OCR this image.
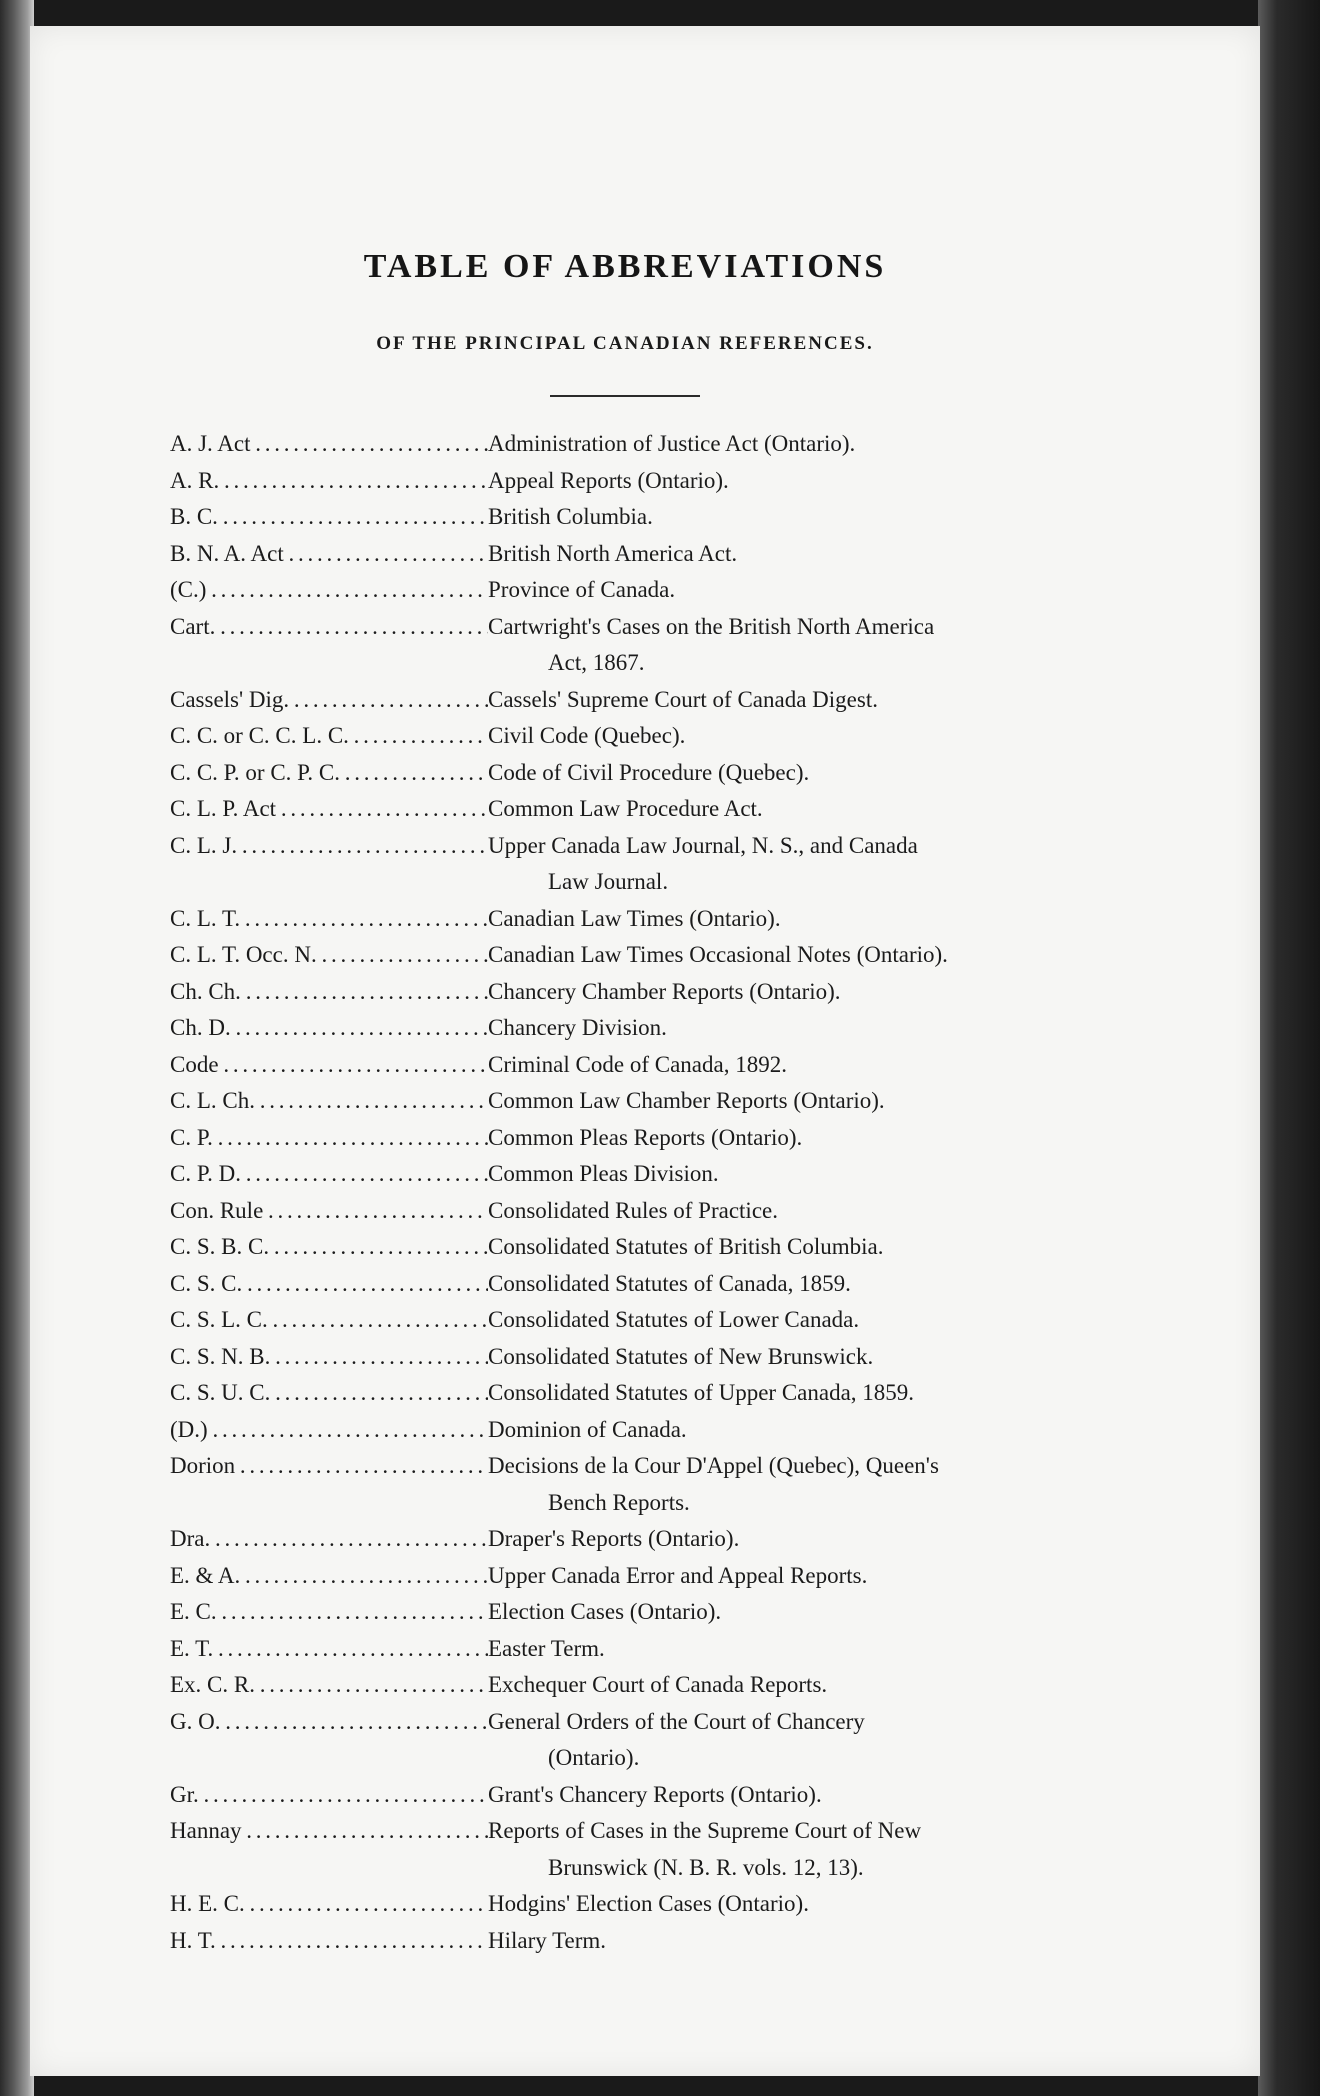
TABLE OF ABBREVIATIONS
OF THE PRINCIPAL CANADIAN REFERENCES.
A. J. Act . . .	Administration of Justice Act (Ontario).
A. R. . . .	Appeal Reports (Ontario).
B. C. . . .	British Columbia.
B. N. A. Act . . .	British North America Act.
(C.) . . .	Province of Canada.
Cart. . . .	Cartwright's Cases on the British North America
Act, 1867.
Cassels' Dig. . . .	Cassels' Supreme Court of Canada Digest.
C. C. or C. C. L. C. . . .	Civil Code (Quebec).
C. C. P. or C. P. C. . . .	Code of Civil Procedure (Quebec).
C. L. P. Act . . .	Common Law Procedure Act.
C. L. J. . . .	Upper Canada Law Journal, N. S., and Canada
Law Journal.
C. L. T. . . .	Canadian Law Times (Ontario).
C. L. T. Occ. N. . . .	Canadian Law Times Occasional Notes (Ontario).
Ch. Ch. . . .	Chancery Chamber Reports (Ontario).
Ch. D. . . .	Chancery Division.
Code . . .	Criminal Code of Canada, 1892.
C. L. Ch. . . .	Common Law Chamber Reports (Ontario).
C. P. . . .	Common Pleas Reports (Ontario).
C. P. D. . . .	Common Pleas Division.
Con. Rule . . .	Consolidated Rules of Practice.
C. S. B. C. . . .	Consolidated Statutes of British Columbia.
C. S. C. . . .	Consolidated Statutes of Canada, 1859.
C. S. L. C. . . .	Consolidated Statutes of Lower Canada.
C. S. N. B. . . .	Consolidated Statutes of New Brunswick.
C. S. U. C. . . .	Consolidated Statutes of Upper Canada, 1859.
(D.) . . .	Dominion of Canada.
Dorion . . .	Decisions de la Cour D'Appel (Quebec), Queen's
Bench Reports.
Dra. . . .	Draper's Reports (Ontario).
E. & A. . . .	Upper Canada Error and Appeal Reports.
E. C. . . .	Election Cases (Ontario).
E. T. . . .	Easter Term.
Ex. C. R. . . .	Exchequer Court of Canada Reports.
G. O. . . .	General Orders of the Court of Chancery
(Ontario).
Gr. . . .	Grant's Chancery Reports (Ontario).
Hannay . . .	Reports of Cases in the Supreme Court of New
Brunswick (N. B. R. vols. 12, 13).
H. E. C. . . .	Hodgins' Election Cases (Ontario).
H. T. . . .	Hilary Term.
